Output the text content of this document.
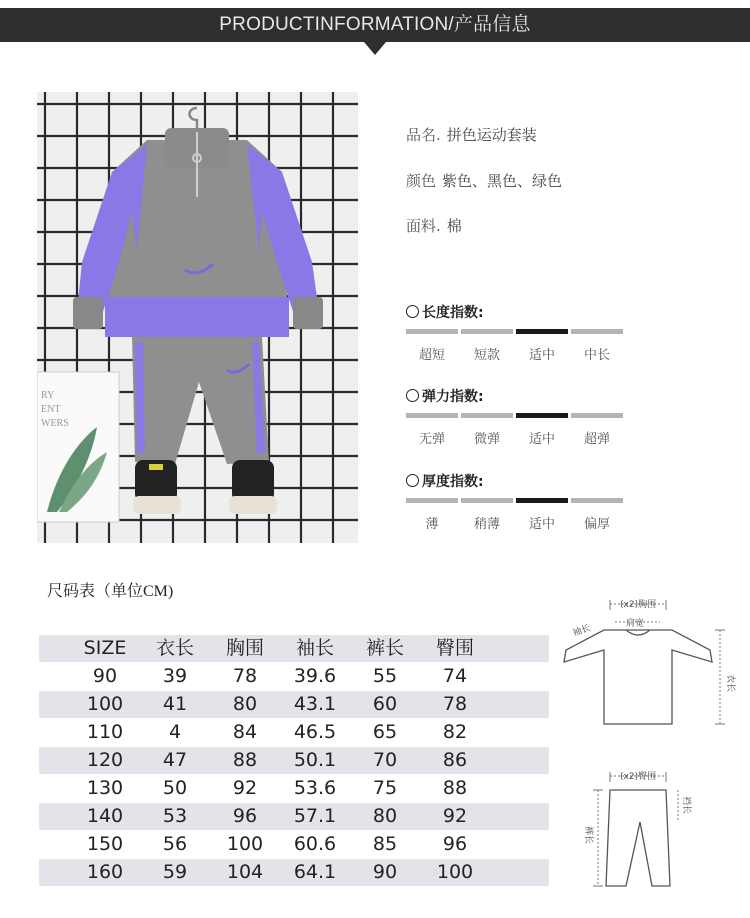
PRODUCTINFORMATION/产品信息
RY
ENT
WERS
品名. 拼色运动套装
颜色 紫色、黑色、绿色
面料. 棉
长度指数:
超短	短款	适中	中长
弹力指数:
无弹	微弹	适中	超弹
厚度指数:
薄	稍薄	适中	偏厚
尺码表（单位CM)
SIZE	衣长	胸围	袖长	裤长	臀围
90	39	78	39.6	55	74
100	41	80	43.1	60	78
110	4	84	46.5	65	82
120	47	88	50.1	70	86
130	50	92	53.6	75	88
140	53	96	57.1	80	92
150	56	100	60.6	85	96
160	59	104	64.1	90	100
(x2)胸围
肩宽
袖长
衣长
(x2)臀围
裆长
裤长
